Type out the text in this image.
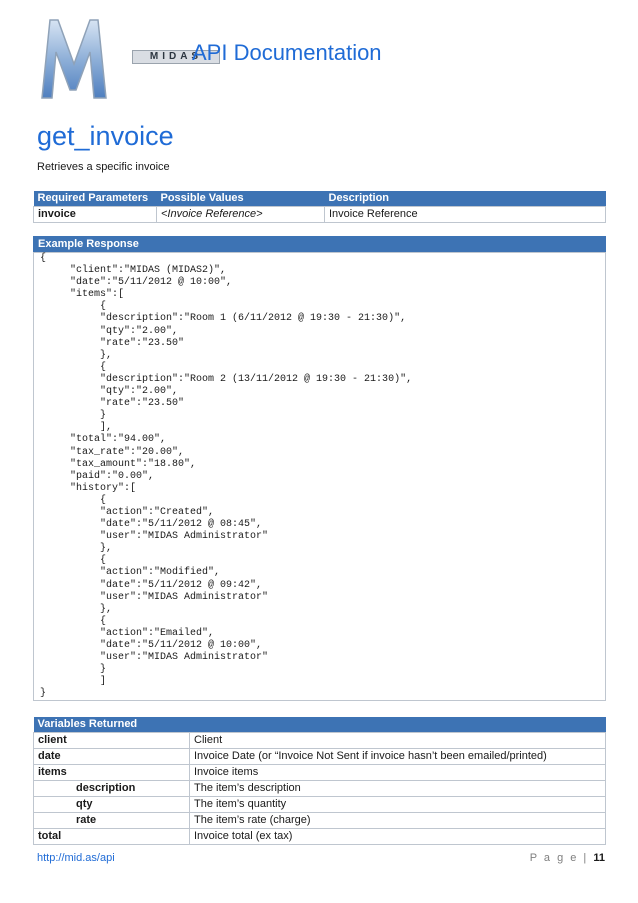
MIDAS
API Documentation
get_invoice
Retrieves a specific invoice
Required Parameters	Possible Values	Description
invoice	<Invoice Reference>	Invoice Reference
Example Response
{
	"client":"MIDAS (MIDAS2)",
	"date":"5/11/2012 @ 10:00",
	"items":[
		{
		"description":"Room 1 (6/11/2012 @ 19:30 - 21:30)",
		"qty":"2.00",
		"rate":"23.50"
		},
		{
		"description":"Room 2 (13/11/2012 @ 19:30 - 21:30)",
		"qty":"2.00",
		"rate":"23.50"
		}
		],
	"total":"94.00",
	"tax_rate":"20.00",
	"tax_amount":"18.80",
	"paid":"0.00",
	"history":[
		{
		"action":"Created",
		"date":"5/11/2012 @ 08:45",
		"user":"MIDAS Administrator"
		},
		{
		"action":"Modified",
		"date":"5/11/2012 @ 09:42",
		"user":"MIDAS Administrator"
		},
		{
		"action":"Emailed",
		"date":"5/11/2012 @ 10:00",
		"user":"MIDAS Administrator"
		}
		]
}
Variables Returned	
client	Client
date	Invoice Date (or “Invoice Not Sent if invoice hasn’t been emailed/printed)
items	Invoice items
description	The item’s description
qty	The item’s quantity
rate	The item’s rate (charge)
total	Invoice total (ex tax)
http://mid.as/api	P a g e | 11
